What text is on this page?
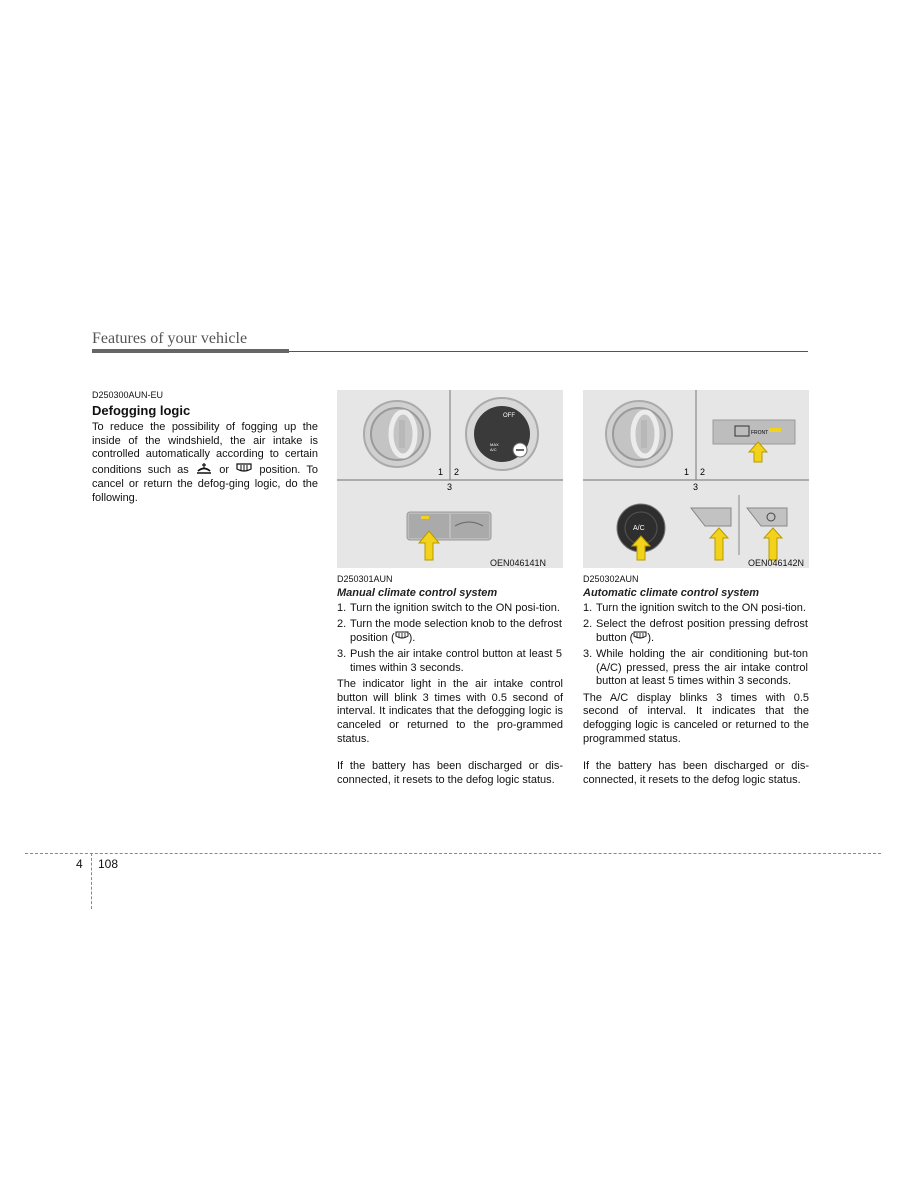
Features of your vehicle
D250300AUN-EU
Defogging logic
To reduce the possibility of fogging up the inside of the windshield, the air intake is controlled automatically according to certain conditions such as	or	position. To cancel or return the defog-ging logic, do the following.
OFF
MAX
A/C
1 2
3
OEN046141N
FRONT
1 2
3
A/C
OEN046142N
D250301AUN
Manual climate control system
1. Turn the ignition switch to the ON posi-tion.
2. Turn the mode selection knob to the defrost position ( ).
3. Push the air intake control button at least 5 times within 3 seconds.
The indicator light in the air intake control button will blink 3 times with 0.5 second of interval. It indicates that the defogging logic is canceled or returned to the pro-grammed status.
If the battery has been discharged or dis-connected, it resets to the defog logic status.
D250302AUN
Automatic climate control system
1. Turn the ignition switch to the ON posi-tion.
2. Select the defrost position pressing defrost button ( ).
3. While holding the air conditioning but-ton (A/C) pressed, press the air intake control button at least 5 times within 3 seconds.
The A/C display blinks 3 times with 0.5 second of interval. It indicates that the defogging logic is canceled or returned to the programmed status.
If the battery has been discharged or dis-connected, it resets to the defog logic status.
4 108
